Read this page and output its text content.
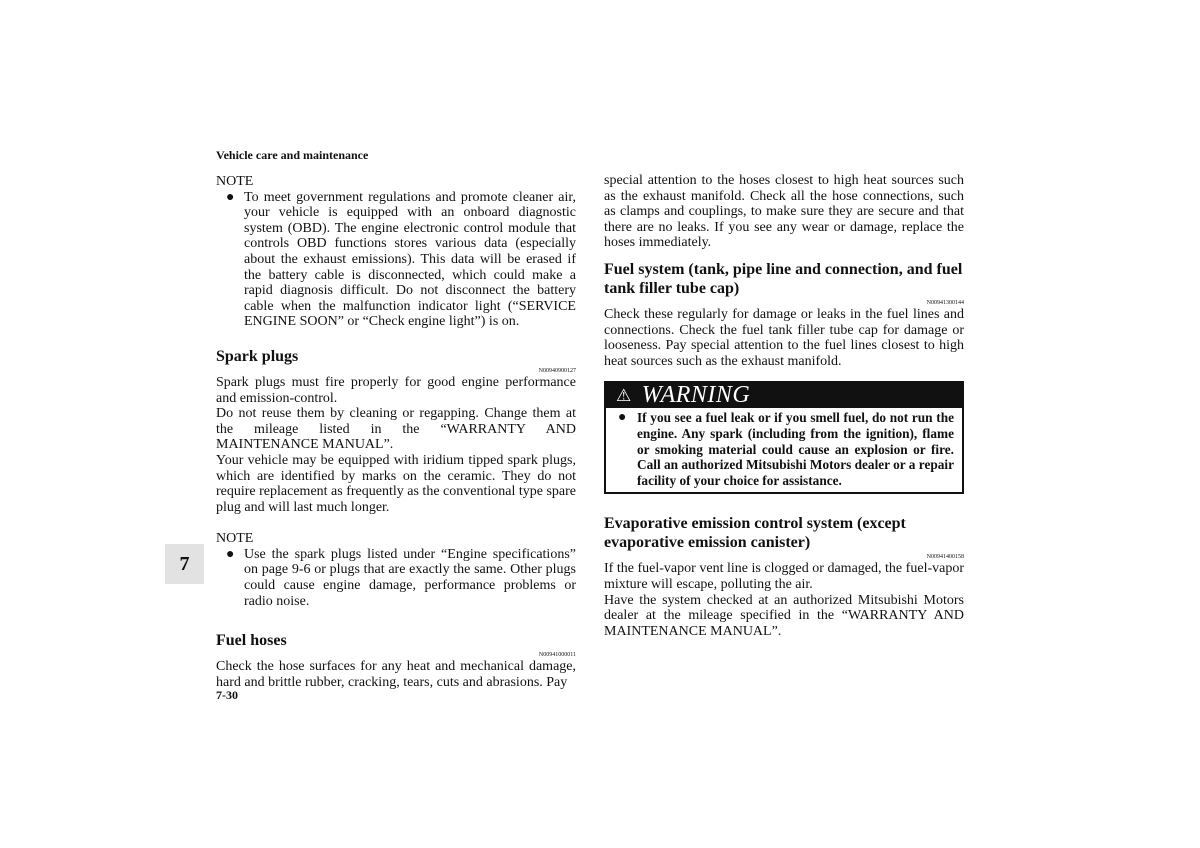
Vehicle care and maintenance

NOTE

● To meet government regulations and promote cleaner air, your vehicle is equipped with an onboard diagnostic system (OBD). The engine electronic control module that controls OBD functions stores various data (especially about the exhaust emissions). This data will be erased if the battery cable is disconnected, which could make a rapid diagnosis difficult. Do not disconnect the battery cable when the malfunction indicator light (“SERVICE ENGINE SOON” or “Check engine light”) is on.
Spark plugs
N00940900127

Spark plugs must fire properly for good engine performance and emission-control.

Do not reuse them by cleaning or regapping. Change them at the mileage listed in the “WARRANTY AND MAINTENANCE MANUAL”.

Your vehicle may be equipped with iridium tipped spark plugs, which are identified by marks on the ceramic. They do not require replacement as frequently as the conventional type spare plug and will last much longer.

NOTE

● Use the spark plugs listed under “Engine specifications” on page 9-6 or plugs that are exactly the same. Other plugs could cause engine damage, performance problems or radio noise.
Fuel hoses
N00941000011

Check the hose surfaces for any heat and mechanical damage, hard and brittle rubber, cracking, tears, cuts and abrasions. Pay

special attention to the hoses closest to high heat sources such as the exhaust manifold. Check all the hose connections, such as clamps and couplings, to make sure they are secure and that there are no leaks. If you see any wear or damage, replace the hoses immediately.

Fuel system (tank, pipe line and connection, and fuel tank filler tube cap)
N00941300144

Check these regularly for damage or leaks in the fuel lines and connections. Check the fuel tank filler tube cap for damage or looseness. Pay special attention to the fuel lines closest to high heat sources such as the exhaust manifold.

⚠ WARNING
● If you see a fuel leak or if you smell fuel, do not run the engine. Any spark (including from the ignition), flame or smoking material could cause an explosion or fire. Call an authorized Mitsubishi Motors dealer or a repair facility of your choice for assistance.
Evaporative emission control system (except evaporative emission canister)
N00941400158

If the fuel-vapor vent line is clogged or damaged, the fuel-vapor mixture will escape, polluting the air.

Have the system checked at an authorized Mitsubishi Motors dealer at the mileage specified in the “WARRANTY AND MAINTENANCE MANUAL”.

7
7-30
